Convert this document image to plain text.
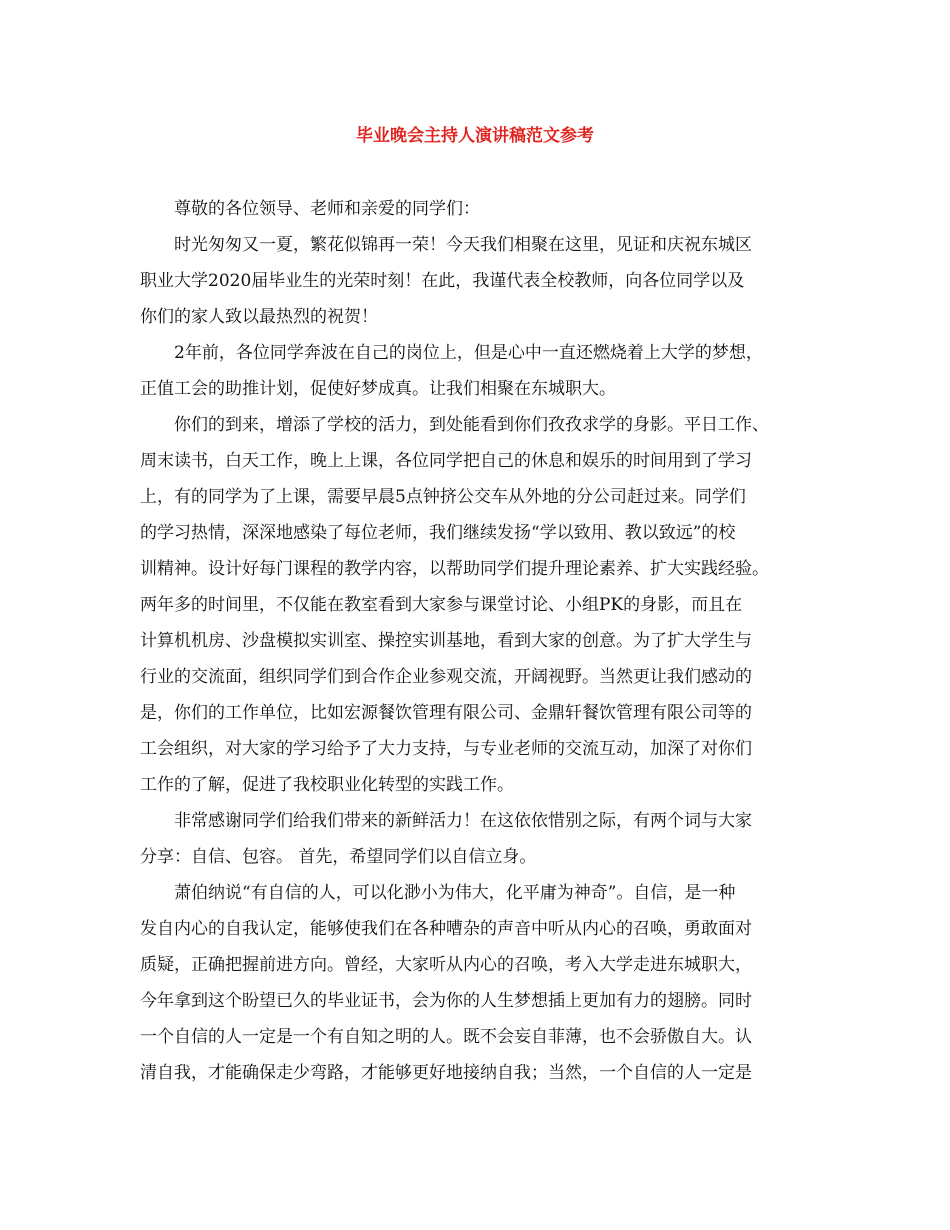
毕业晚会主持人演讲稿范文参考

尊敬的各位领导、老师和亲爱的同学们：

时光匆匆又一夏，繁花似锦再一荣！今天我们相聚在这里，见证和庆祝东城区

职业大学2020届毕业生的光荣时刻！在此，我谨代表全校教师，向各位同学以及

你们的家人致以最热烈的祝贺！

2年前，各位同学奔波在自己的岗位上，但是心中一直还燃烧着上大学的梦想，

正值工会的助推计划，促使好梦成真。让我们相聚在东城职大。

你们的到来，增添了学校的活力，到处能看到你们孜孜求学的身影。平日工作、

周末读书，白天工作，晚上上课，各位同学把自己的休息和娱乐的时间用到了学习

上，有的同学为了上课，需要早晨5点钟挤公交车从外地的分公司赶过来。同学们

的学习热情，深深地感染了每位老师，我们继续发扬“学以致用、教以致远”的校

训精神。设计好每门课程的教学内容，以帮助同学们提升理论素养、扩大实践经验。

两年多的时间里，不仅能在教室看到大家参与课堂讨论、小组PK的身影，而且在

计算机机房、沙盘模拟实训室、操控实训基地，看到大家的创意。为了扩大学生与

行业的交流面，组织同学们到合作企业参观交流，开阔视野。当然更让我们感动的

是，你们的工作单位，比如宏源餐饮管理有限公司、金鼎轩餐饮管理有限公司等的

工会组织，对大家的学习给予了大力支持，与专业老师的交流互动，加深了对你们

工作的了解，促进了我校职业化转型的实践工作。

非常感谢同学们给我们带来的新鲜活力！在这依依惜别之际，有两个词与大家

分享：自信、包容。 首先，希望同学们以自信立身。

萧伯纳说“有自信的人，可以化渺小为伟大，化平庸为神奇”。自信，是一种

发自内心的自我认定，能够使我们在各种嘈杂的声音中听从内心的召唤，勇敢面对

质疑，正确把握前进方向。曾经，大家听从内心的召唤，考入大学走进东城职大，

今年拿到这个盼望已久的毕业证书，会为你的人生梦想插上更加有力的翅膀。同时

一个自信的人一定是一个有自知之明的人。既不会妄自菲薄，也不会骄傲自大。认

清自我，才能确保走少弯路，才能够更好地接纳自我；当然，一个自信的人一定是
